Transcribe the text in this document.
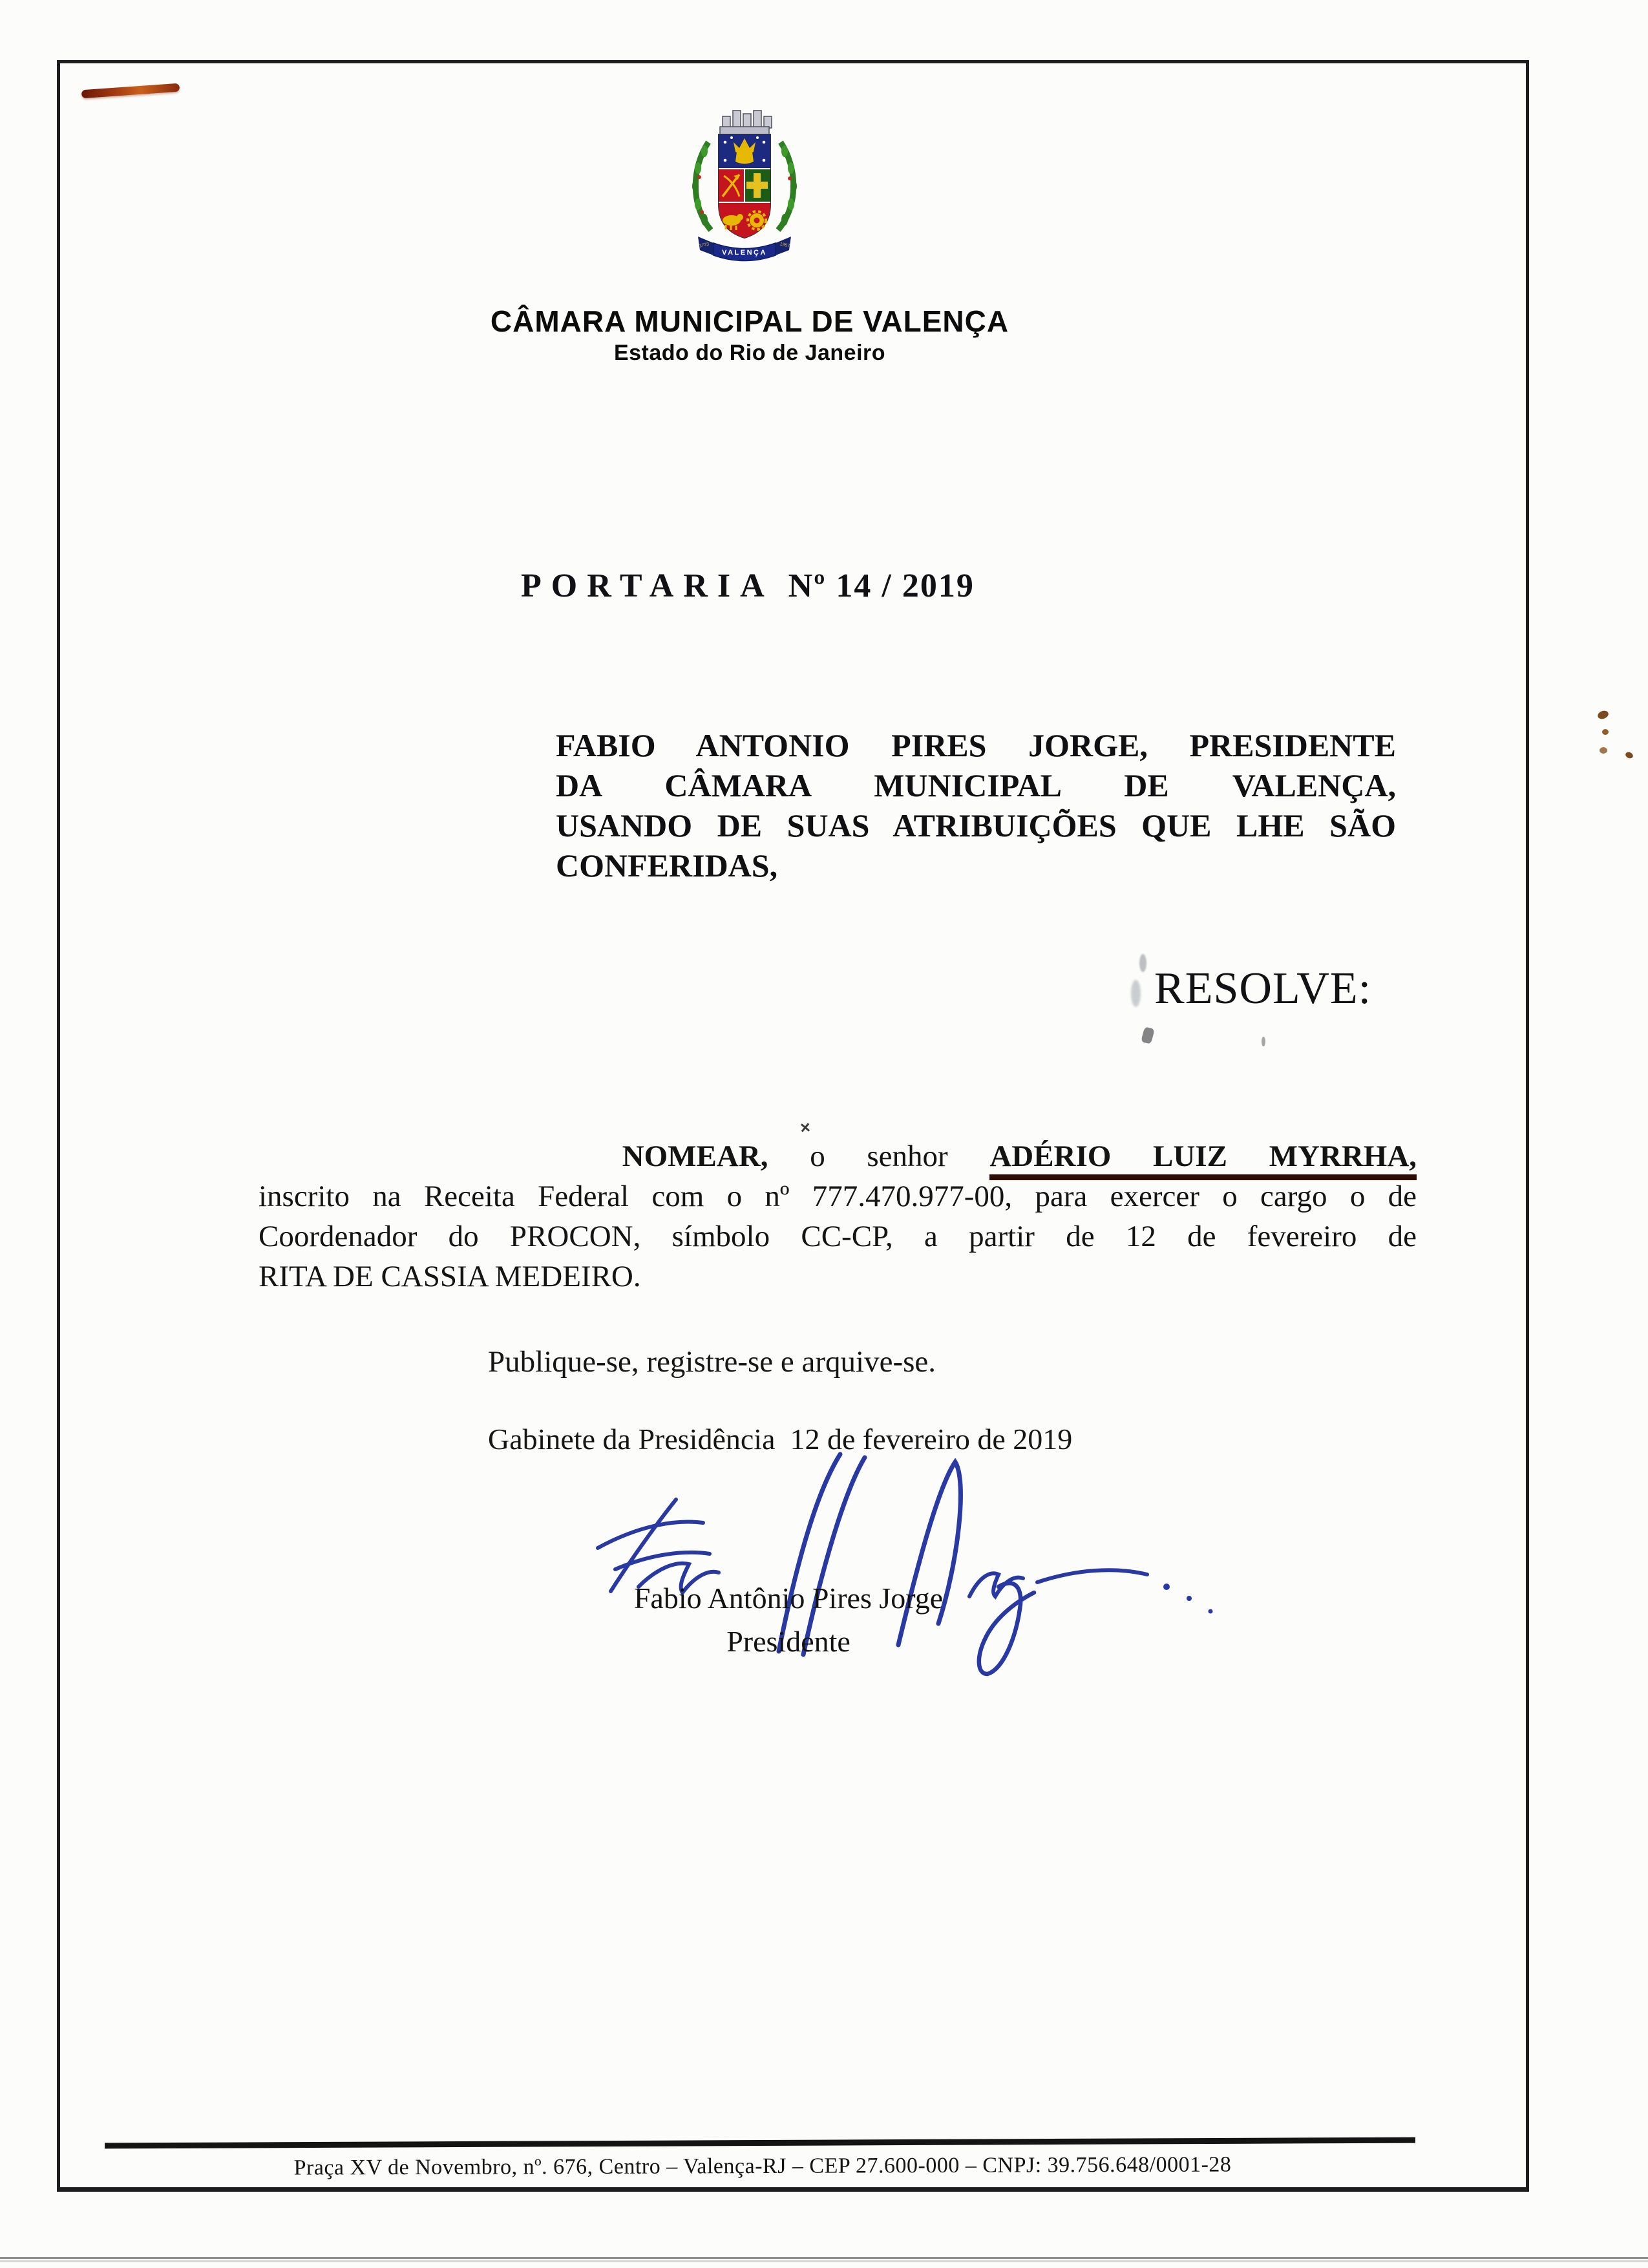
1723	1857
VALENÇA
CÂMARA MUNICIPAL DE VALENÇA
Estado do Rio de Janeiro
PORTARIA Nº 14 / 2019
FABIO ANTONIO PIRES JORGE, PRESIDENTE
DA CÂMARA MUNICIPAL DE VALENÇA,
USANDO DE SUAS ATRIBUIÇÕES QUE LHE SÃO
CONFERIDAS,
RESOLVE:
NOMEAR, o senhor ADÉRIO LUIZ MYRRHA,
inscrito na Receita Federal com o nº 777.470.977-00, para exercer o cargo o de
Coordenador do PROCON, símbolo CC-CP, a partir de 12 de fevereiro de
RITA DE CASSIA MEDEIRO.
Publique-se, registre-se e arquive-se.
Gabinete da Presidência  12 de fevereiro de 2019
Fabio Antônio Pires Jorge
Presidente
Praça XV de Novembro, nº. 676, Centro – Valença-RJ – CEP 27.600-000 – CNPJ: 39.756.648/0001-28
